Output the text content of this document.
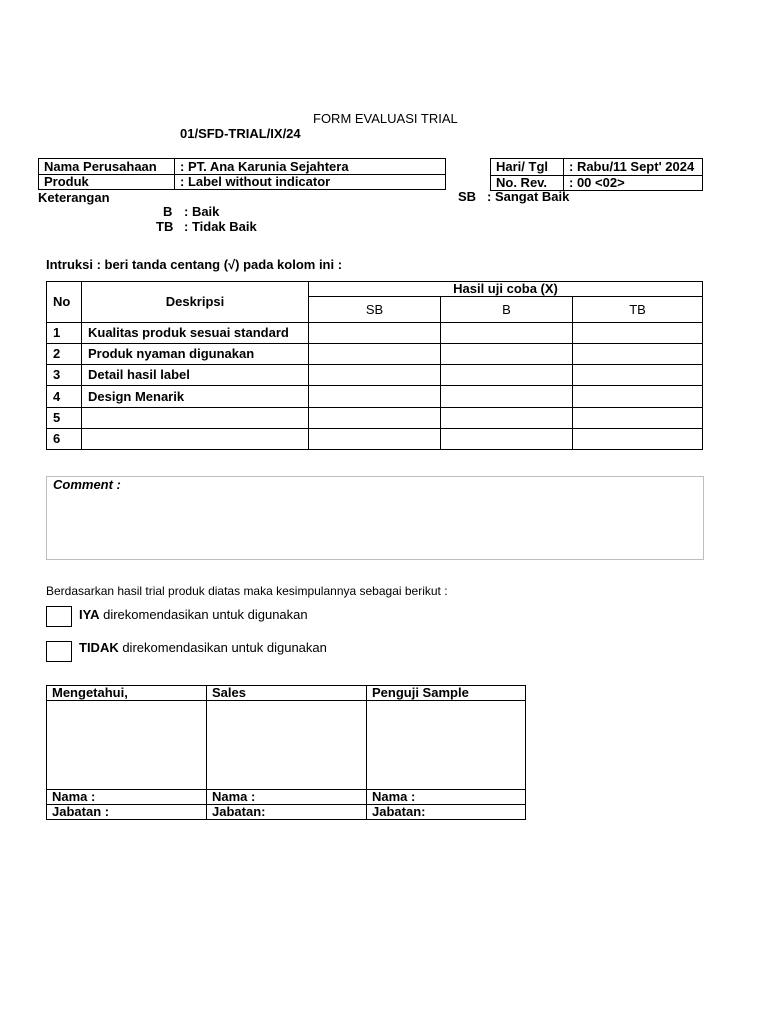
FORM EVALUASI TRIAL
01/SFD-TRIAL/IX/24
Nama Perusahaan	: PT. Ana Karunia Sejahtera
Produk	: Label without indicator
Hari/ Tgl	: Rabu/11 Sept' 2024
No. Rev.	: 00 <02>
Keterangan	SB : Sangat Baik
B : Baik
TB : Tidak Baik
Intruksi : beri tanda centang (√) pada kolom ini :
No	Deskripsi	Hasil uji coba (X)		
		SB	B	TB
1	Kualitas produk sesuai standard			
2	Produk nyaman digunakan			
3	Detail hasil label			
4	Design Menarik			
5				
6				
Comment :
Berdasarkan hasil trial produk diatas maka kesimpulannya sebagai berikut :
IYA direkomendasikan untuk digunakan
TIDAK direkomendasikan untuk digunakan
Mengetahui,	Sales	Penguji Sample

Nama :	Nama :	Nama :
Jabatan :	Jabatan:	Jabatan:
